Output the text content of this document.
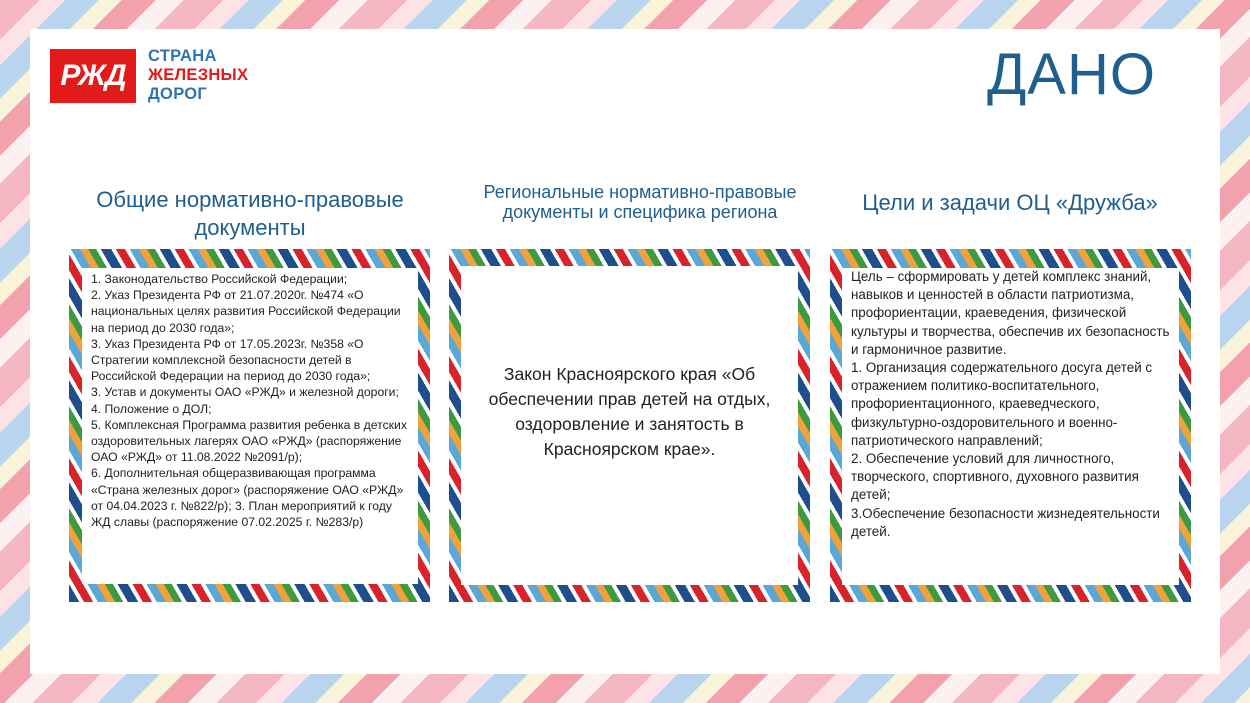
РЖД
СТРАНА
ЖЕЛЕЗНЫХ
ДОРОГ	ДАНО
Общие нормативно-правовые документы
Региональные нормативно-правовые документы и специфика региона	Цели и задачи ОЦ «Дружба»
1. Законодательство Российской Федерации;
2. Указ Президента РФ от 21.07.2020г. №474 «О национальных целях развития Российской Федерации на период до 2030 года»;
3. Указ Президента РФ от 17.05.2023г. №358 «О Стратегии комплексной безопасности детей в Российской Федерации на период до 2030 года»;
3. Устав и документы ОАО «РЖД» и железной дороги;
4. Положение о ДОЛ;
5. Комплексная Программа развития ребенка в детских оздоровительных лагерях ОАО «РЖД» (распоряжение ОАО «РЖД» от 11.08.2022 №2091/р);
6. Дополнительная общеразвивающая программа «Страна железных дорог» (распоряжение ОАО «РЖД» от 04.04.2023 г. №822/р); 3. План мероприятий к году ЖД славы (распоряжение 07.02.2025 г. №283/р)
Закон Красноярского края «Об обеспечении прав детей на отдых, оздоровление и занятость в Красноярском крае».
Цель – сформировать у детей комплекс знаний, навыков и ценностей в области патриотизма, профориентации, краеведения, физической культуры и творчества, обеспечив их безопасность и гармоничное развитие.
1. Организация содержательного досуга детей с отражением политико-воспитательного, профориентационного, краеведческого, физкультурно-оздоровительного и военно-патриотического направлений;
2. Обеспечение условий для личностного, творческого, спортивного, духовного развития детей;
3.Обеспечение безопасности жизнедеятельности детей.
